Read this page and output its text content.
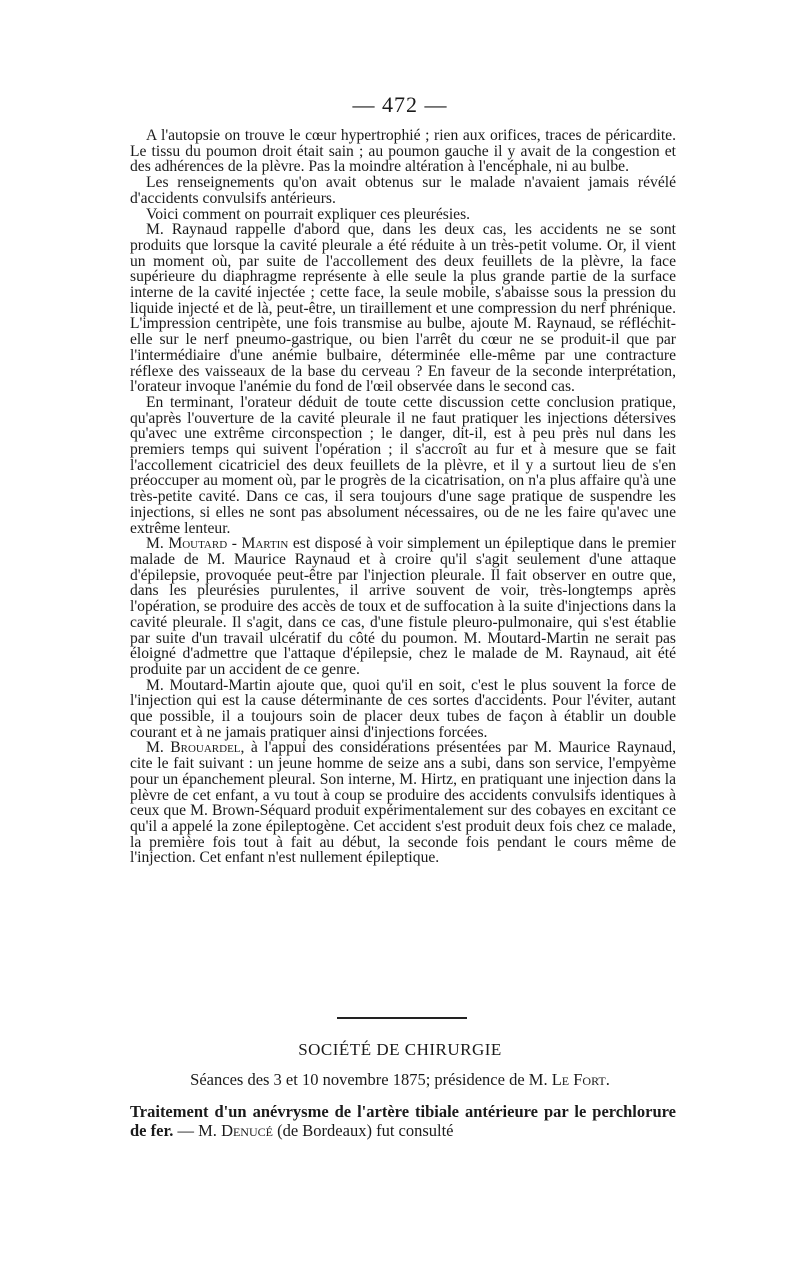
— 472 —

A l'autopsie on trouve le cœur hypertrophié ; rien aux orifices, traces de péricardite. Le tissu du poumon droit était sain ; au poumon gauche il y avait de la congestion et des adhérences de la plèvre. Pas la moindre altération à l'encéphale, ni au bulbe.

Les renseignements qu'on avait obtenus sur le malade n'avaient jamais révélé d'accidents convulsifs antérieurs.

Voici comment on pourrait expliquer ces pleurésies.

M. Raynaud rappelle d'abord que, dans les deux cas, les accidents ne se sont produits que lorsque la cavité pleurale a été réduite à un très-petit volume. Or, il vient un moment où, par suite de l'accollement des deux feuillets de la plèvre, la face supérieure du diaphragme représente à elle seule la plus grande partie de la surface interne de la cavité injectée ; cette face, la seule mobile, s'abaisse sous la pression du liquide injecté et de là, peut-être, un tiraillement et une compression du nerf phrénique. L'impression centripète, une fois transmise au bulbe, ajoute M. Raynaud, se réfléchit-elle sur le nerf pneumo-gastrique, ou bien l'arrêt du cœur ne se produit-il que par l'intermédiaire d'une anémie bulbaire, déterminée elle-même par une contracture réflexe des vaisseaux de la base du cerveau ? En faveur de la seconde interprétation, l'orateur invoque l'anémie du fond de l'œil observée dans le second cas.

En terminant, l'orateur déduit de toute cette discussion cette conclusion pratique, qu'après l'ouverture de la cavité pleurale il ne faut pratiquer les injections détersives qu'avec une extrême circonspection ; le danger, dit-il, est à peu près nul dans les premiers temps qui suivent l'opération ; il s'accroît au fur et à mesure que se fait l'accollement cicatriciel des deux feuillets de la plèvre, et il y a surtout lieu de s'en préoccuper au moment où, par le progrès de la cicatrisation, on n'a plus affaire qu'à une très-petite cavité. Dans ce cas, il sera toujours d'une sage pratique de suspendre les injections, si elles ne sont pas absolument nécessaires, ou de ne les faire qu'avec une extrême lenteur.

M. Moutard - Martin est disposé à voir simplement un épileptique dans le premier malade de M. Maurice Raynaud et à croire qu'il s'agit seulement d'une attaque d'épilepsie, provoquée peut-être par l'injection pleurale. Il fait observer en outre que, dans les pleurésies purulentes, il arrive souvent de voir, très-longtemps après l'opération, se produire des accès de toux et de suffocation à la suite d'injections dans la cavité pleurale. Il s'agit, dans ce cas, d'une fistule pleuro-pulmonaire, qui s'est établie par suite d'un travail ulcératif du côté du poumon. M. Moutard-Martin ne serait pas éloigné d'admettre que l'attaque d'épilepsie, chez le malade de M. Raynaud, ait été produite par un accident de ce genre.

M. Moutard-Martin ajoute que, quoi qu'il en soit, c'est le plus souvent la force de l'injection qui est la cause déterminante de ces sortes d'accidents. Pour l'éviter, autant que possible, il a toujours soin de placer deux tubes de façon à établir un double courant et à ne jamais pratiquer ainsi d'injections forcées.

M. Brouardel, à l'appui des considérations présentées par M. Maurice Raynaud, cite le fait suivant : un jeune homme de seize ans a subi, dans son service, l'empyème pour un épanchement pleural. Son interne, M. Hirtz, en pratiquant une injection dans la plèvre de cet enfant, a vu tout à coup se produire des accidents convulsifs identiques à ceux que M. Brown-Séquard produit expérimentalement sur des cobayes en excitant ce qu'il a appelé la zone épileptogène. Cet accident s'est produit deux fois chez ce malade, la première fois tout à fait au début, la seconde fois pendant le cours même de l'injection. Cet enfant n'est nullement épileptique.

SOCIÉTÉ DE CHIRURGIE
Séances des 3 et 10 novembre 1875; présidence de M. Le Fort.
Traitement d'un anévrysme de l'artère tibiale antérieure par le perchlorure de fer. — M. Denucé (de Bordeaux) fut consulté
